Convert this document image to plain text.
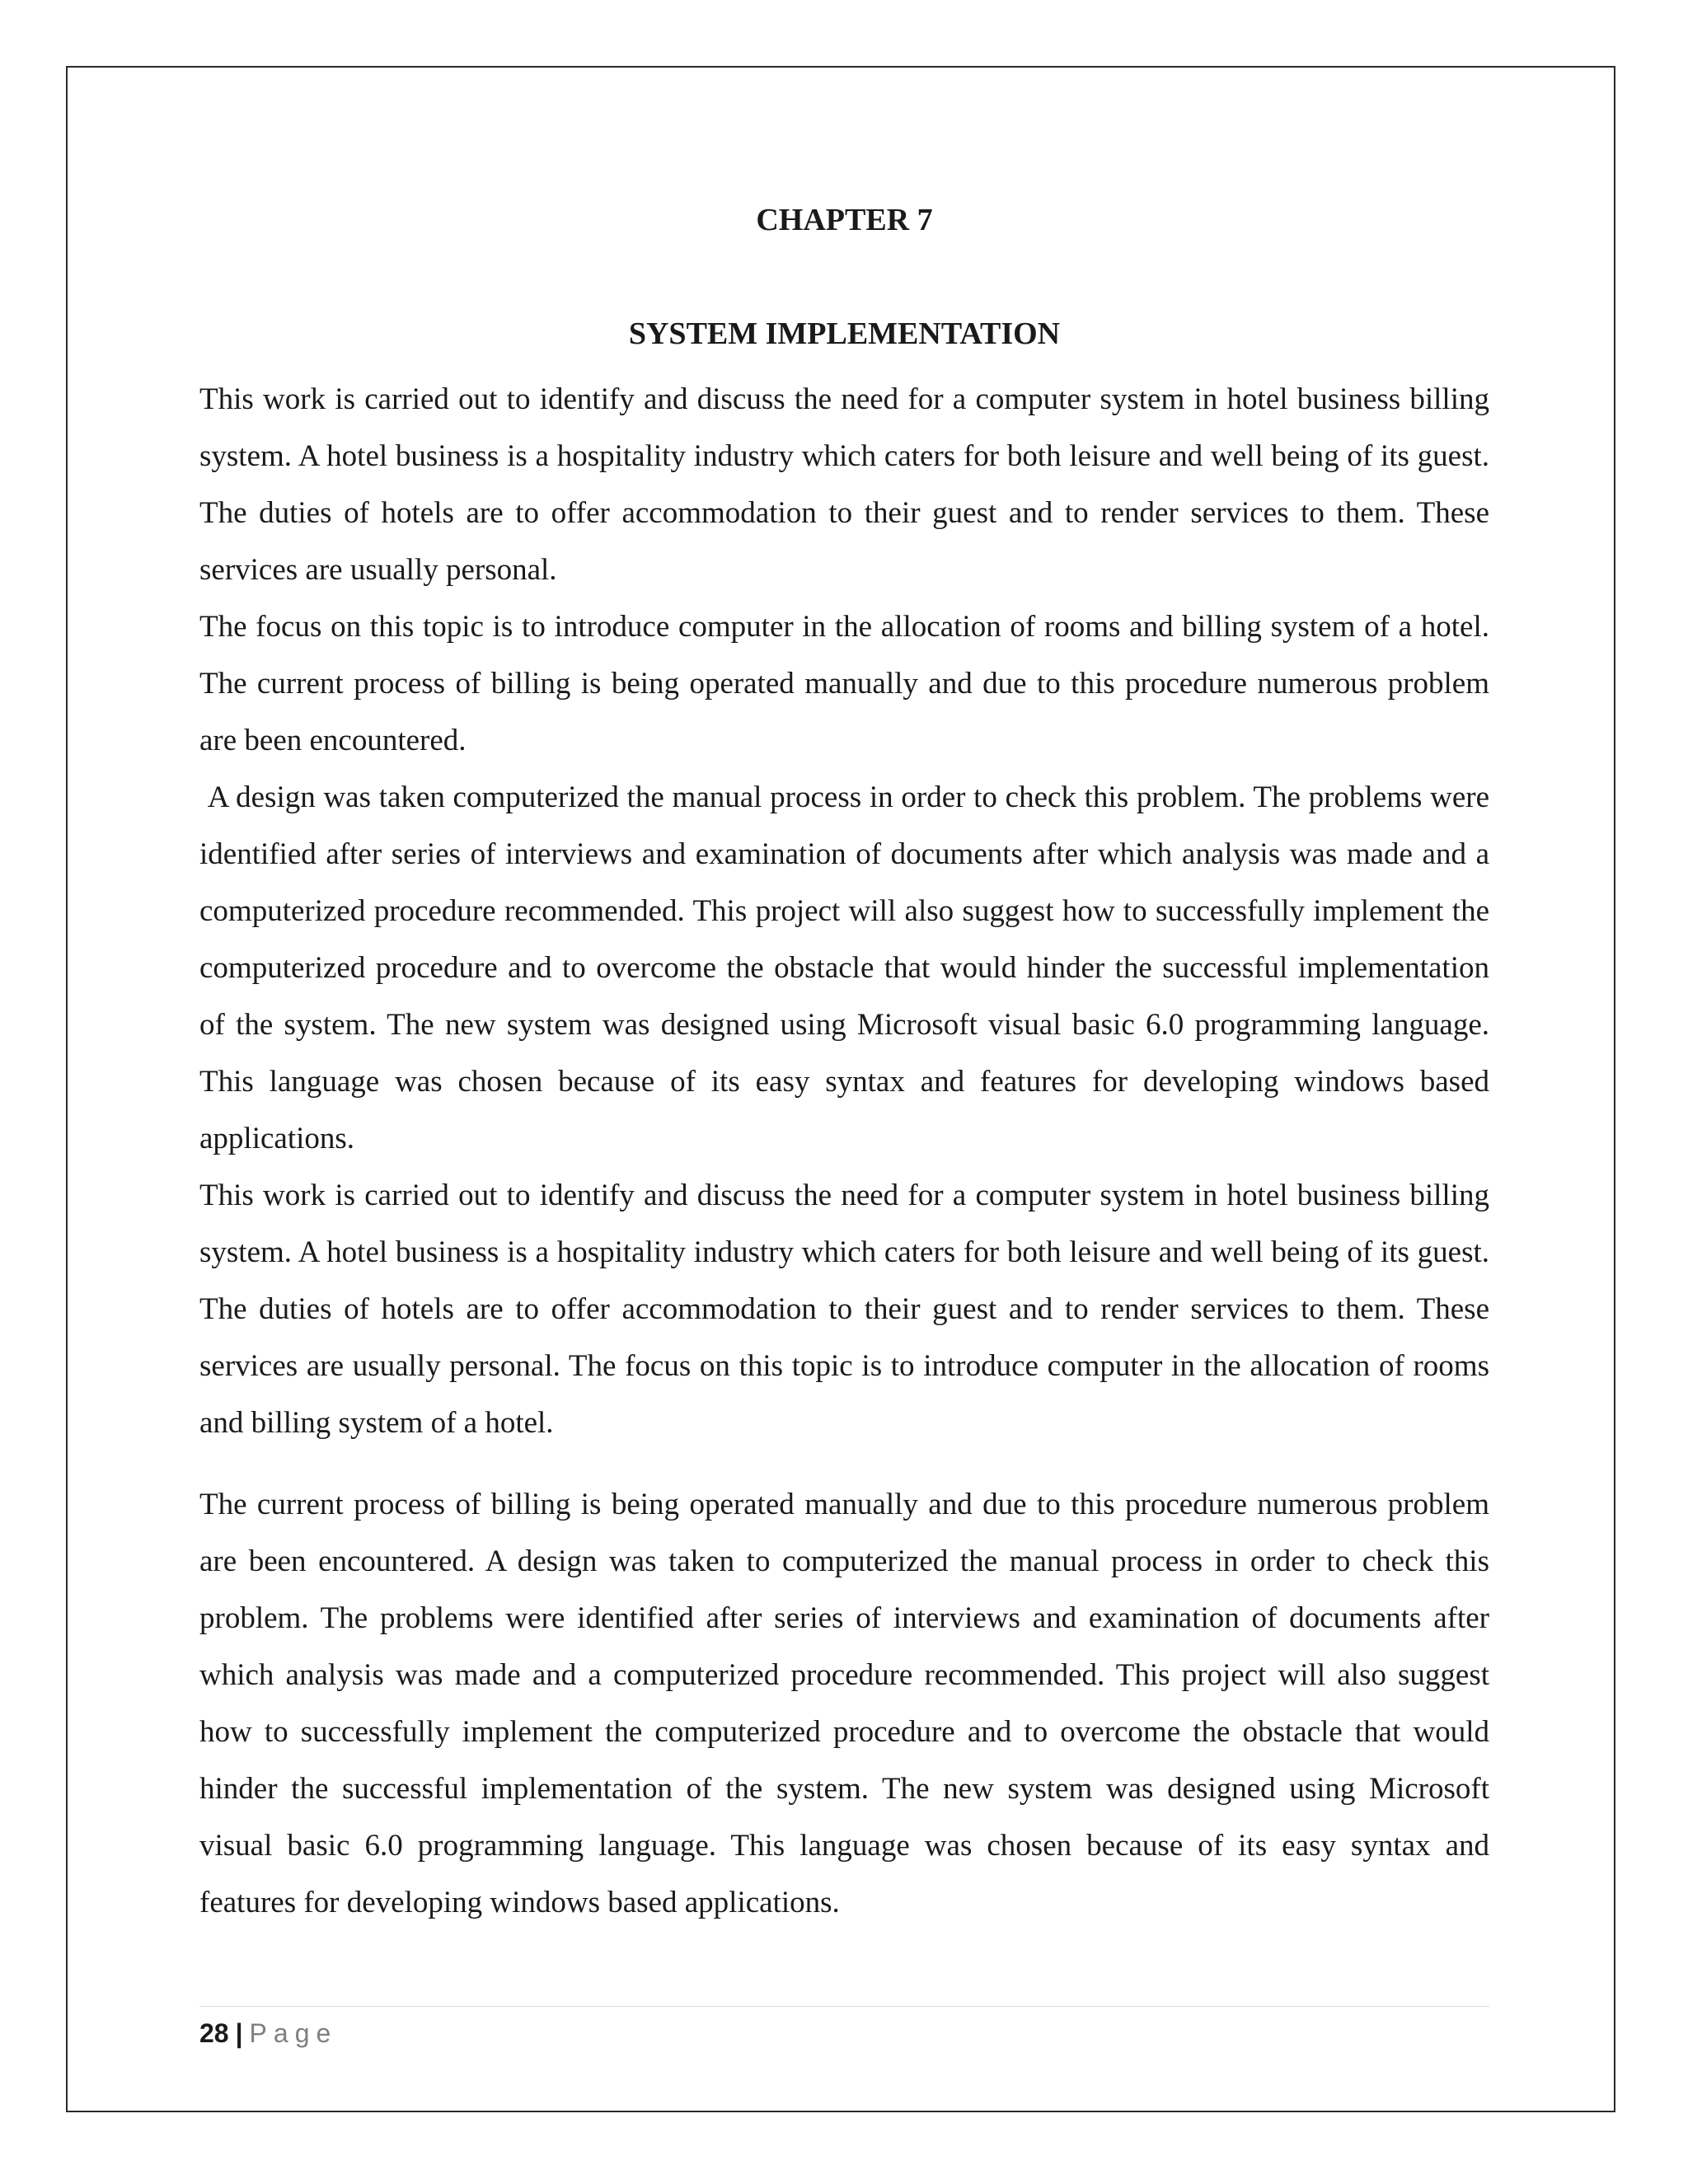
CHAPTER 7
SYSTEM IMPLEMENTATION

This work is carried out to identify and discuss the need for a computer system in hotel business billing system. A hotel business is a hospitality industry which caters for both leisure and well being of its guest. The duties of hotels are to offer accommodation to their guest and to render services to them. These services are usually personal.

The focus on this topic is to introduce computer in the allocation of rooms and billing system of a hotel. The current process of billing is being operated manually and due to this procedure numerous problem are been encountered.

A design was taken computerized the manual process in order to check this problem. The problems were identified after series of interviews and examination of documents after which analysis was made and a computerized procedure recommended. This project will also suggest how to successfully implement the computerized procedure and to overcome the obstacle that would hinder the successful implementation of the system. The new system was designed using Microsoft visual basic 6.0 programming language. This language was chosen because of its easy syntax and features for developing windows based applications.

This work is carried out to identify and discuss the need for a computer system in hotel business billing system. A hotel business is a hospitality industry which caters for both leisure and well being of its guest. The duties of hotels are to offer accommodation to their guest and to render services to them. These services are usually personal. The focus on this topic is to introduce computer in the allocation of rooms and billing system of a hotel.

The current process of billing is being operated manually and due to this procedure numerous problem are been encountered. A design was taken to computerized the manual process in order to check this problem. The problems were identified after series of interviews and examination of documents after which analysis was made and a computerized procedure recommended. This project will also suggest how to successfully implement the computerized procedure and to overcome the obstacle that would hinder the successful implementation of the system. The new system was designed using Microsoft visual basic 6.0 programming language. This language was chosen because of its easy syntax and features for developing windows based applications.

28 | Page
